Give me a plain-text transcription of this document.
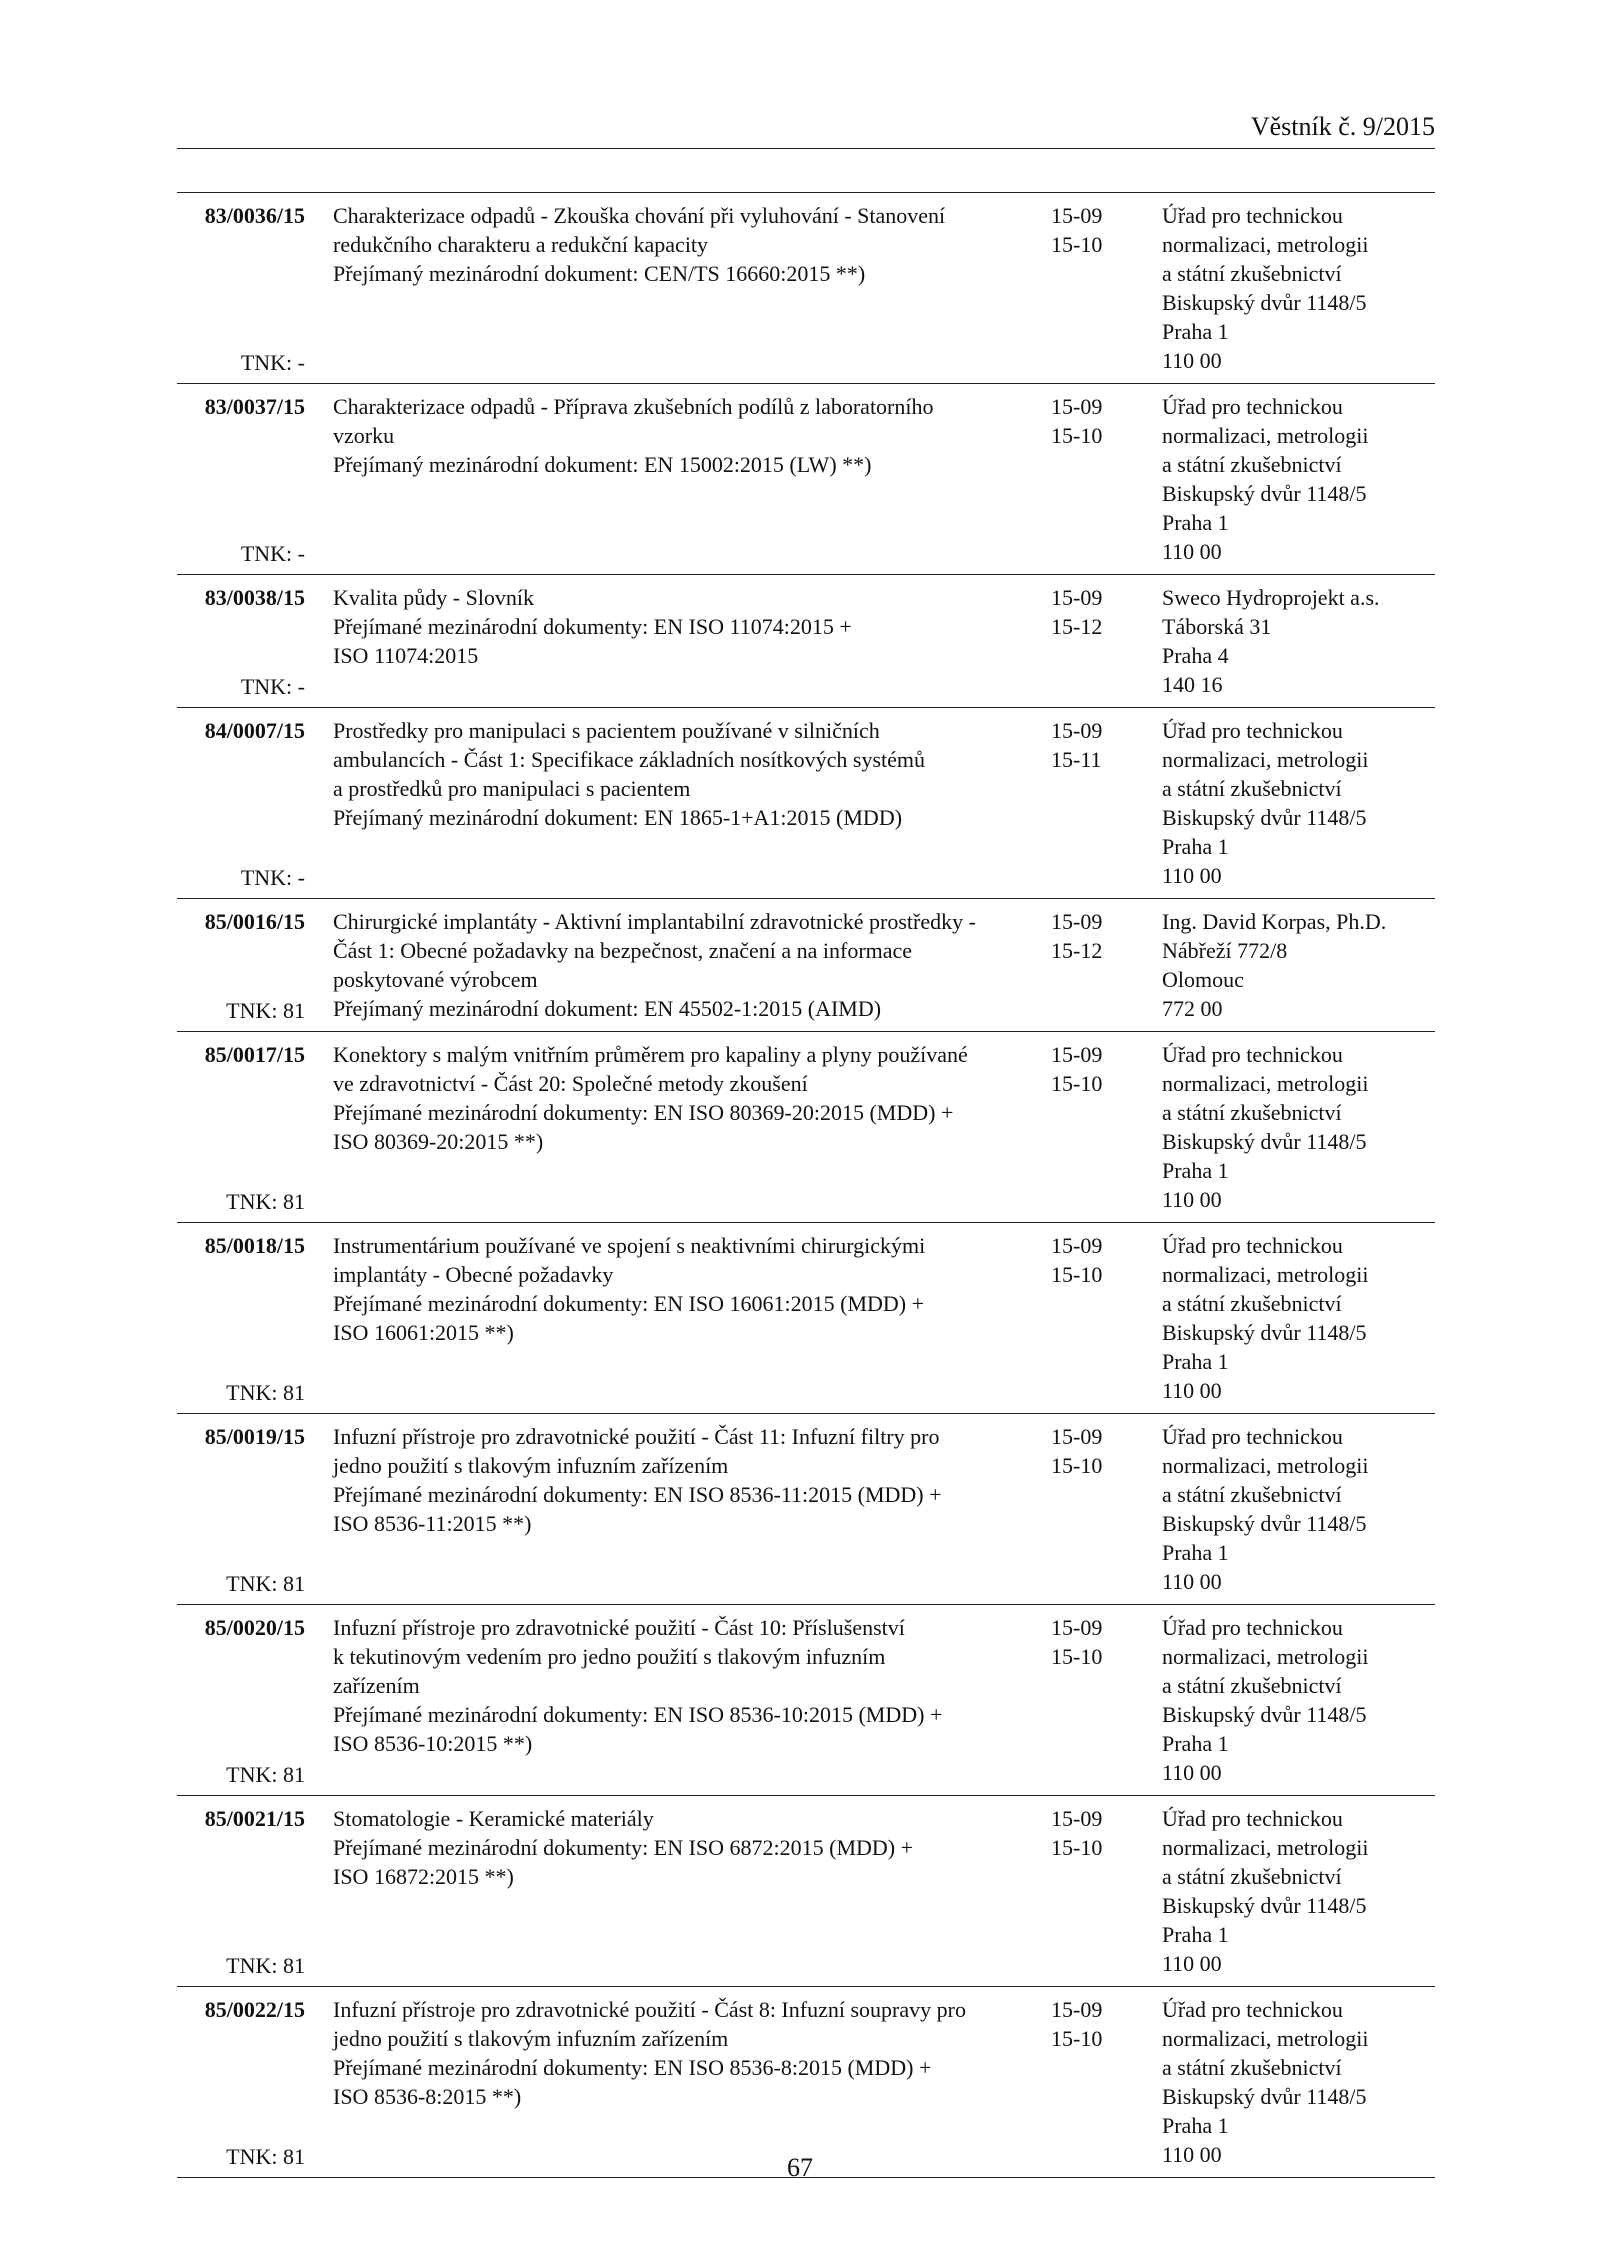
Věstník č. 9/2015
83/0036/15
TNK: -
Charakterizace odpadů - Zkouška chování při vyluhování - Stanovení
redukčního charakteru a redukční kapacity
Přejímaný mezinárodní dokument: CEN/TS 16660:2015 **)
15-09
15-10
Úřad pro technickou
normalizaci, metrologii
a státní zkušebnictví
Biskupský dvůr 1148/5
Praha 1
110 00
83/0037/15
TNK: -
Charakterizace odpadů - Příprava zkušebních podílů z laboratorního
vzorku
Přejímaný mezinárodní dokument: EN 15002:2015 (LW) **)
15-09
15-10
Úřad pro technickou
normalizaci, metrologii
a státní zkušebnictví
Biskupský dvůr 1148/5
Praha 1
110 00
83/0038/15
TNK: -
Kvalita půdy - Slovník
Přejímané mezinárodní dokumenty: EN ISO 11074:2015 +
ISO 11074:2015
15-09
15-12
Sweco Hydroprojekt a.s.
Táborská 31
Praha 4
140 16
84/0007/15
TNK: -
Prostředky pro manipulaci s pacientem používané v silničních
ambulancích - Část 1: Specifikace základních nosítkových systémů
a prostředků pro manipulaci s pacientem
Přejímaný mezinárodní dokument: EN 1865-1+A1:2015 (MDD)
15-09
15-11
Úřad pro technickou
normalizaci, metrologii
a státní zkušebnictví
Biskupský dvůr 1148/5
Praha 1
110 00
85/0016/15
TNK: 81
Chirurgické implantáty - Aktivní implantabilní zdravotnické prostředky -
Část 1: Obecné požadavky na bezpečnost, značení a na informace
poskytované výrobcem
Přejímaný mezinárodní dokument: EN 45502-1:2015 (AIMD)
15-09
15-12
Ing. David Korpas, Ph.D.
Nábřeží 772/8
Olomouc
772 00
85/0017/15
TNK: 81
Konektory s malým vnitřním průměrem pro kapaliny a plyny používané
ve zdravotnictví - Část 20: Společné metody zkoušení
Přejímané mezinárodní dokumenty: EN ISO 80369-20:2015 (MDD) +
ISO 80369-20:2015 **)
15-09
15-10
Úřad pro technickou
normalizaci, metrologii
a státní zkušebnictví
Biskupský dvůr 1148/5
Praha 1
110 00
85/0018/15
TNK: 81
Instrumentárium používané ve spojení s neaktivními chirurgickými
implantáty - Obecné požadavky
Přejímané mezinárodní dokumenty: EN ISO 16061:2015 (MDD) +
ISO 16061:2015 **)
15-09
15-10
Úřad pro technickou
normalizaci, metrologii
a státní zkušebnictví
Biskupský dvůr 1148/5
Praha 1
110 00
85/0019/15
TNK: 81
Infuzní přístroje pro zdravotnické použití - Část 11: Infuzní filtry pro
jedno použití s tlakovým infuzním zařízením
Přejímané mezinárodní dokumenty: EN ISO 8536-11:2015 (MDD) +
ISO 8536-11:2015 **)
15-09
15-10
Úřad pro technickou
normalizaci, metrologii
a státní zkušebnictví
Biskupský dvůr 1148/5
Praha 1
110 00
85/0020/15
TNK: 81
Infuzní přístroje pro zdravotnické použití - Část 10: Příslušenství
k tekutinovým vedením pro jedno použití s tlakovým infuzním
zařízením
Přejímané mezinárodní dokumenty: EN ISO 8536-10:2015 (MDD) +
ISO 8536-10:2015 **)
15-09
15-10
Úřad pro technickou
normalizaci, metrologii
a státní zkušebnictví
Biskupský dvůr 1148/5
Praha 1
110 00
85/0021/15
TNK: 81
Stomatologie - Keramické materiály
Přejímané mezinárodní dokumenty: EN ISO 6872:2015 (MDD) +
ISO 16872:2015 **)
15-09
15-10
Úřad pro technickou
normalizaci, metrologii
a státní zkušebnictví
Biskupský dvůr 1148/5
Praha 1
110 00
85/0022/15
TNK: 81
Infuzní přístroje pro zdravotnické použití - Část 8: Infuzní soupravy pro
jedno použití s tlakovým infuzním zařízením
Přejímané mezinárodní dokumenty: EN ISO 8536-8:2015 (MDD) +
ISO 8536-8:2015 **)
15-09
15-10
Úřad pro technickou
normalizaci, metrologii
a státní zkušebnictví
Biskupský dvůr 1148/5
Praha 1
110 00
67
